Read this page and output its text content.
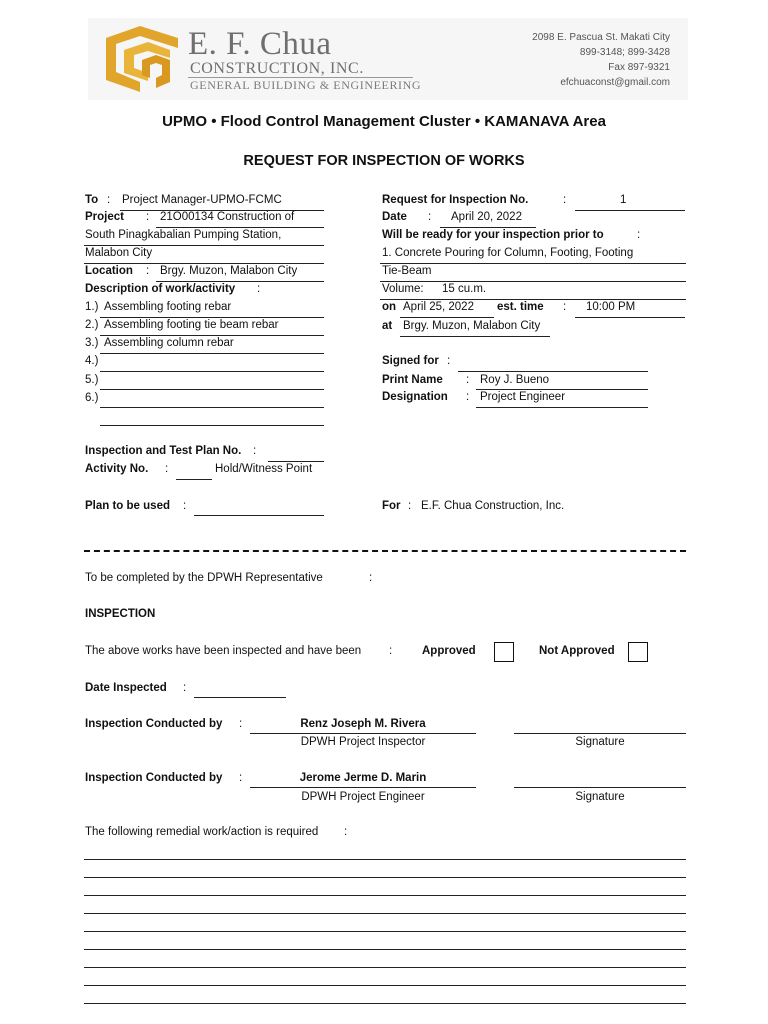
E. F. Chua
CONSTRUCTION, INC.
GENERAL BUILDING & ENGINEERING
2098 E. Pascua St. Makati City
899-3148; 899-3428
Fax 897-9321
efchuaconst@gmail.com
UPMO • Flood Control Management Cluster • KAMANAVA Area
REQUEST FOR INSPECTION OF WORKS
To : Project Manager-UPMO-FCMC
Project : 21O00134 Construction of
South Pinagkabalian Pumping Station,
Malabon City
Location : Brgy. Muzon, Malabon City
Description of work/activity :
1.) Assembling footing rebar
2.) Assembling footing tie beam rebar
3.) Assembling column rebar
4.)
5.)
6.)
Inspection and Test Plan No. :
Activity No. :	Hold/Witness Point
Plan to be used :
Request for Inspection No.	:	1
Date : April 20, 2022
Will be ready for your inspection prior to	:
1. Concrete Pouring for Column, Footing, Footing
Tie-Beam
Volume: 15 cu.m.
on April 25, 2022 est. time : 10:00 PM
at Brgy. Muzon, Malabon City
Signed for :
Print Name : Roy J. Bueno
Designation : Project Engineer
For : E.F. Chua Construction, Inc.
To be completed by the DPWH Representative	:
INSPECTION
The above works have been inspected and have been :	Approved	Not Approved
Date Inspected :
Inspection Conducted by :	Renz Joseph M. Rivera
DPWH Project Inspector	Signature
Inspection Conducted by :	Jerome Jerme D. Marin
DPWH Project Engineer	Signature
The following remedial work/action is required :
